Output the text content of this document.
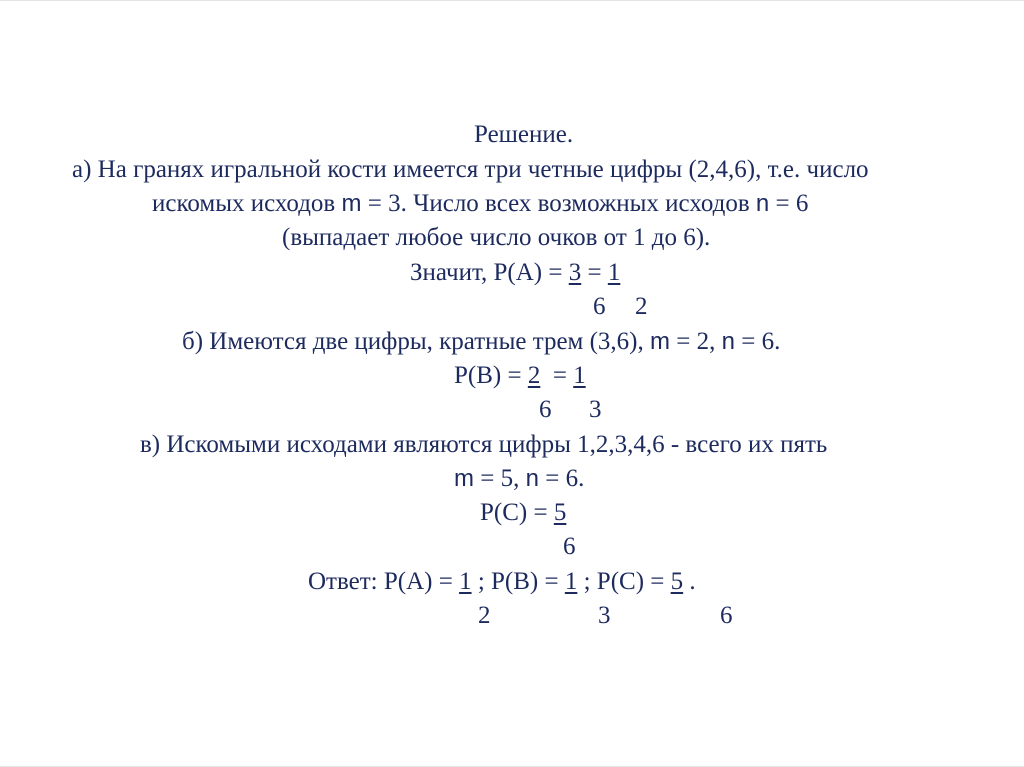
Решение.
а) На гранях игральной кости имеется три четные цифры (2,4,6), т.е. число
искомых исходов m = 3. Число всех возможных исходов n = 6
(выпадает любое число очков от 1 до 6).
Значит, Р(А) = 3 = 1
6 2
б) Имеются две цифры, кратные трем (3,6), m = 2, n = 6.
Р(В) = 2  = 1
6 3
в) Искомыми исходами являются цифры 1,2,3,4,6 - всего их пять
m = 5, n = 6.
Р(С) = 5
6
Ответ: Р(А) = 1 ; Р(В) = 1 ; Р(С) = 5 .
2	3	6
